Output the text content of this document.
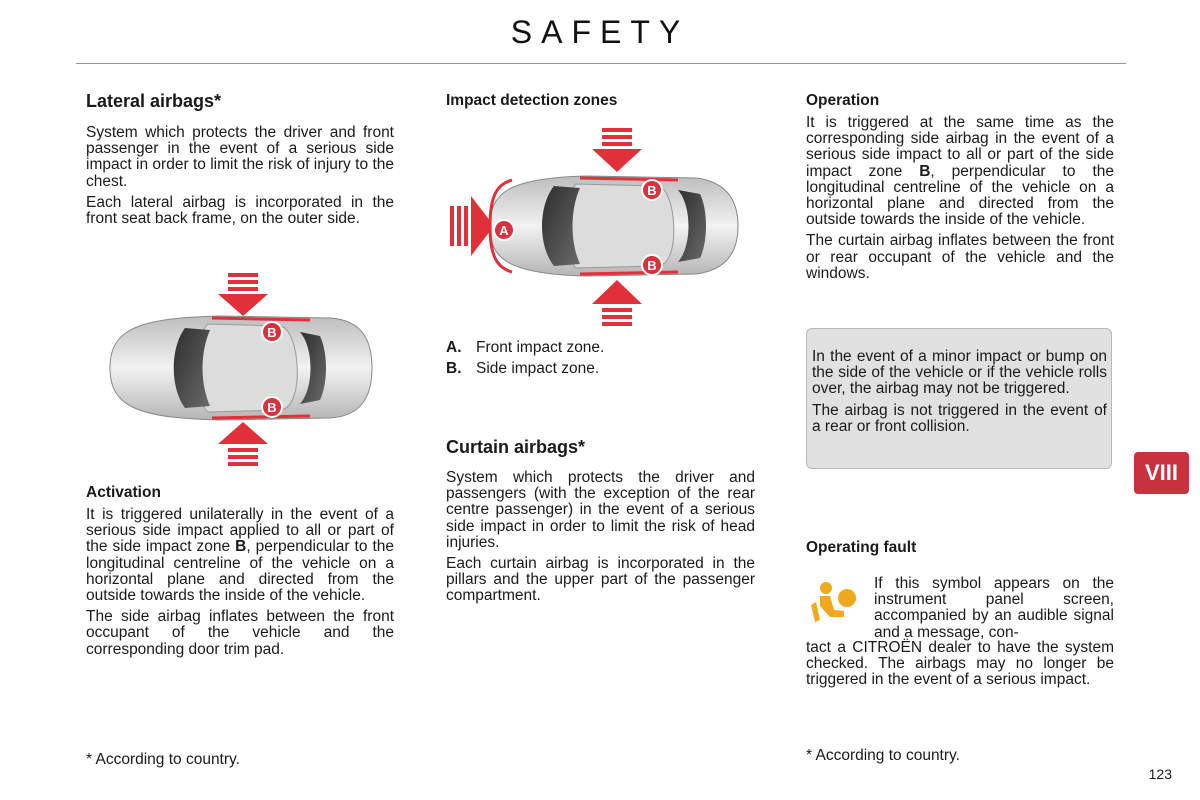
SAFETY
Lateral airbags*

System which protects the driver and front passenger in the event of a serious side impact in order to limit the risk of injury to the chest.

Each lateral airbag is incorporated in the front seat back frame, on the outer side.

B
B
Activation

It is triggered unilaterally in the event of a serious side impact applied to all or part of the side impact zone B, perpendicular to the longitudinal centreline of the vehicle on a horizontal plane and directed from the outside towards the inside of the vehicle.

The side airbag inflates between the front occupant of the vehicle and the corresponding door trim pad.

* According to country.
Impact detection zones
A
B
B
A. Front impact zone.
B. Side impact zone.
Curtain airbags*

System which protects the driver and passengers (with the exception of the rear centre passenger) in the event of a serious side impact in order to limit the risk of head injuries.

Each curtain airbag is incorporated in the pillars and the upper part of the passenger compartment.

Operation

It is triggered at the same time as the corresponding side airbag in the event of a serious side impact to all or part of the side impact zone B, perpendicular to the longitudinal centreline of the vehicle on a horizontal plane and directed from the outside towards the inside of the vehicle.

The curtain airbag inflates between the front or rear occupant of the vehicle and the windows.

In the event of a minor impact or bump on the side of the vehicle or if the vehicle rolls over, the airbag may not be triggered.

The airbag is not triggered in the event of a rear or front collision.

Operating fault

If this symbol appears on the instrument panel screen, accompanied by an audible signal and a message, con-

tact a CITROËN dealer to have the system checked. The airbags may no longer be triggered in the event of a serious impact.

* According to country.
VIII
123
